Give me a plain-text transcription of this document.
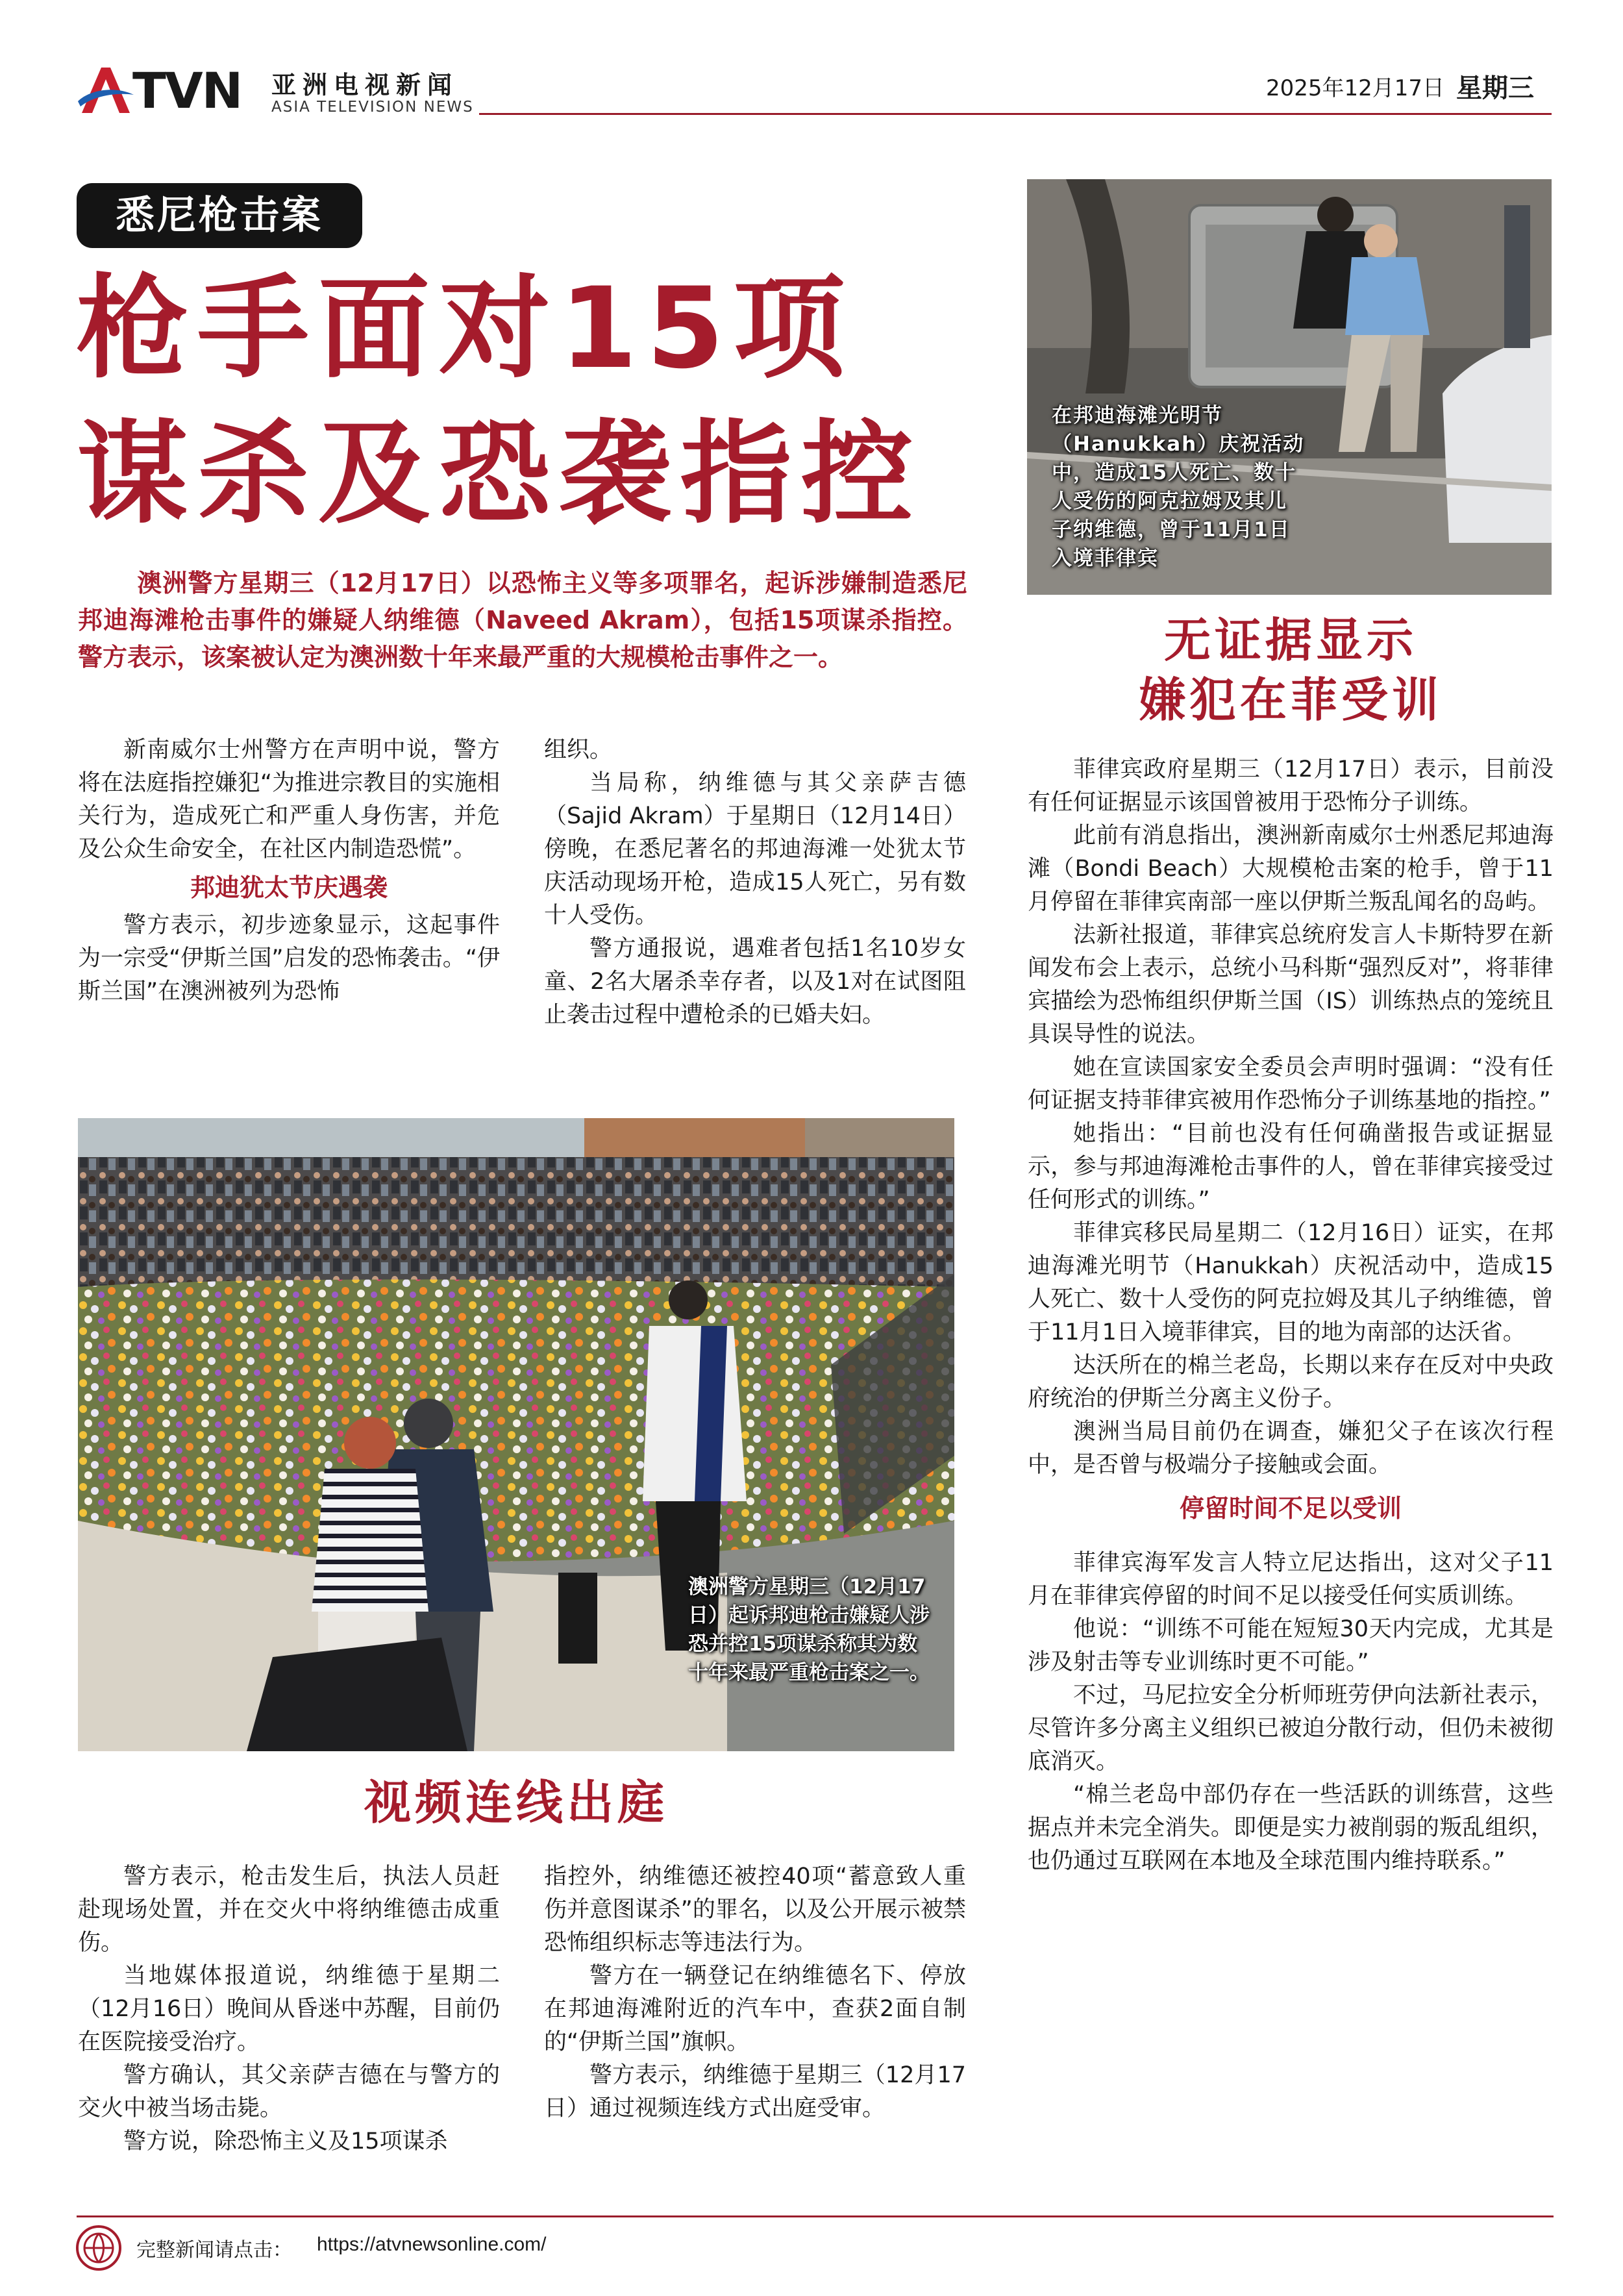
TVN 亚洲电视新闻
ASIA TELEVISION NEWS
2025年12月17日 星期三
悉尼枪击案
枪手面对15项
谋杀及恐袭指控

澳洲警方星期三（12月17日）以恐怖主义等多项罪名，起诉涉嫌制造悉尼邦迪海滩枪击事件的嫌疑人纳维德（Naveed Akram），包括15项谋杀指控。警方表示，该案被认定为澳洲数十年来最严重的大规模枪击事件之一。

新南威尔士州警方在声明中说，警方将在法庭指控嫌犯“为推进宗教目的实施相关行为，造成死亡和严重人身伤害，并危及公众生命安全，在社区内制造恐慌”。

邦迪犹太节庆遇袭

警方表示，初步迹象显示，这起事件为一宗受“伊斯兰国”启发的恐怖袭击。“伊斯兰国”在澳洲被列为恐怖

组织。

当局称，纳维德与其父亲萨吉德（Sajid Akram）于星期日（12月14日）傍晚，在悉尼著名的邦迪海滩一处犹太节庆活动现场开枪，造成15人死亡，另有数十人受伤。

警方通报说，遇难者包括1名10岁女童、2名大屠杀幸存者，以及1对在试图阻止袭击过程中遭枪杀的已婚夫妇。

在邦迪海滩光明节（Hanukkah）庆祝活动中，造成15人死亡、数十人受伤的阿克拉姆及其儿子纳维德，曾于11月1日入境菲律宾
无证据显示
嫌犯在菲受训

菲律宾政府星期三（12月17日）表示，目前没有任何证据显示该国曾被用于恐怖分子训练。

此前有消息指出，澳洲新南威尔士州悉尼邦迪海滩（Bondi Beach）大规模枪击案的枪手，曾于11月停留在菲律宾南部一座以伊斯兰叛乱闻名的岛屿。

法新社报道，菲律宾总统府发言人卡斯特罗在新闻发布会上表示，总统小马科斯“强烈反对”，将菲律宾描绘为恐怖组织伊斯兰国（IS）训练热点的笼统且具误导性的说法。

她在宣读国家安全委员会声明时强调：“没有任何证据支持菲律宾被用作恐怖分子训练基地的指控。”

她指出：“目前也没有任何确凿报告或证据显示，参与邦迪海滩枪击事件的人，曾在菲律宾接受过任何形式的训练。”

菲律宾移民局星期二（12月16日）证实，在邦迪海滩光明节（Hanukkah）庆祝活动中，造成15人死亡、数十人受伤的阿克拉姆及其儿子纳维德，曾于11月1日入境菲律宾，目的地为南部的达沃省。

达沃所在的棉兰老岛，长期以来存在反对中央政府统治的伊斯兰分离主义份子。

澳洲当局目前仍在调查，嫌犯父子在该次行程中，是否曾与极端分子接触或会面。

停留时间不足以受训

菲律宾海军发言人特立尼达指出，这对父子11月在菲律宾停留的时间不足以接受任何实质训练。

他说：“训练不可能在短短30天内完成，尤其是涉及射击等专业训练时更不可能。”

不过，马尼拉安全分析师班劳伊向法新社表示，尽管许多分离主义组织已被迫分散行动，但仍未被彻底消灭。

“棉兰老岛中部仍存在一些活跃的训练营，这些据点并未完全消失。即便是实力被削弱的叛乱组织，也仍通过互联网在本地及全球范围内维持联系。”

澳洲警方星期三（12月17日）起诉邦迪枪击嫌疑人涉恐并控15项谋杀称其为数十年来最严重枪击案之一。
视频连线出庭

警方表示，枪击发生后，执法人员赶赴现场处置，并在交火中将纳维德击成重伤。

当地媒体报道说，纳维德于星期二（12月16日）晚间从昏迷中苏醒，目前仍在医院接受治疗。

警方确认，其父亲萨吉德在与警方的交火中被当场击毙。

警方说，除恐怖主义及15项谋杀

指控外，纳维德还被控40项“蓄意致人重伤并意图谋杀”的罪名，以及公开展示被禁恐怖组织标志等违法行为。

警方在一辆登记在纳维德名下、停放在邦迪海滩附近的汽车中，查获2面自制的“伊斯兰国”旗帜。

警方表示，纳维德于星期三（12月17日）通过视频连线方式出庭受审。

完整新闻请点击： https://atvnewsonline.com/
